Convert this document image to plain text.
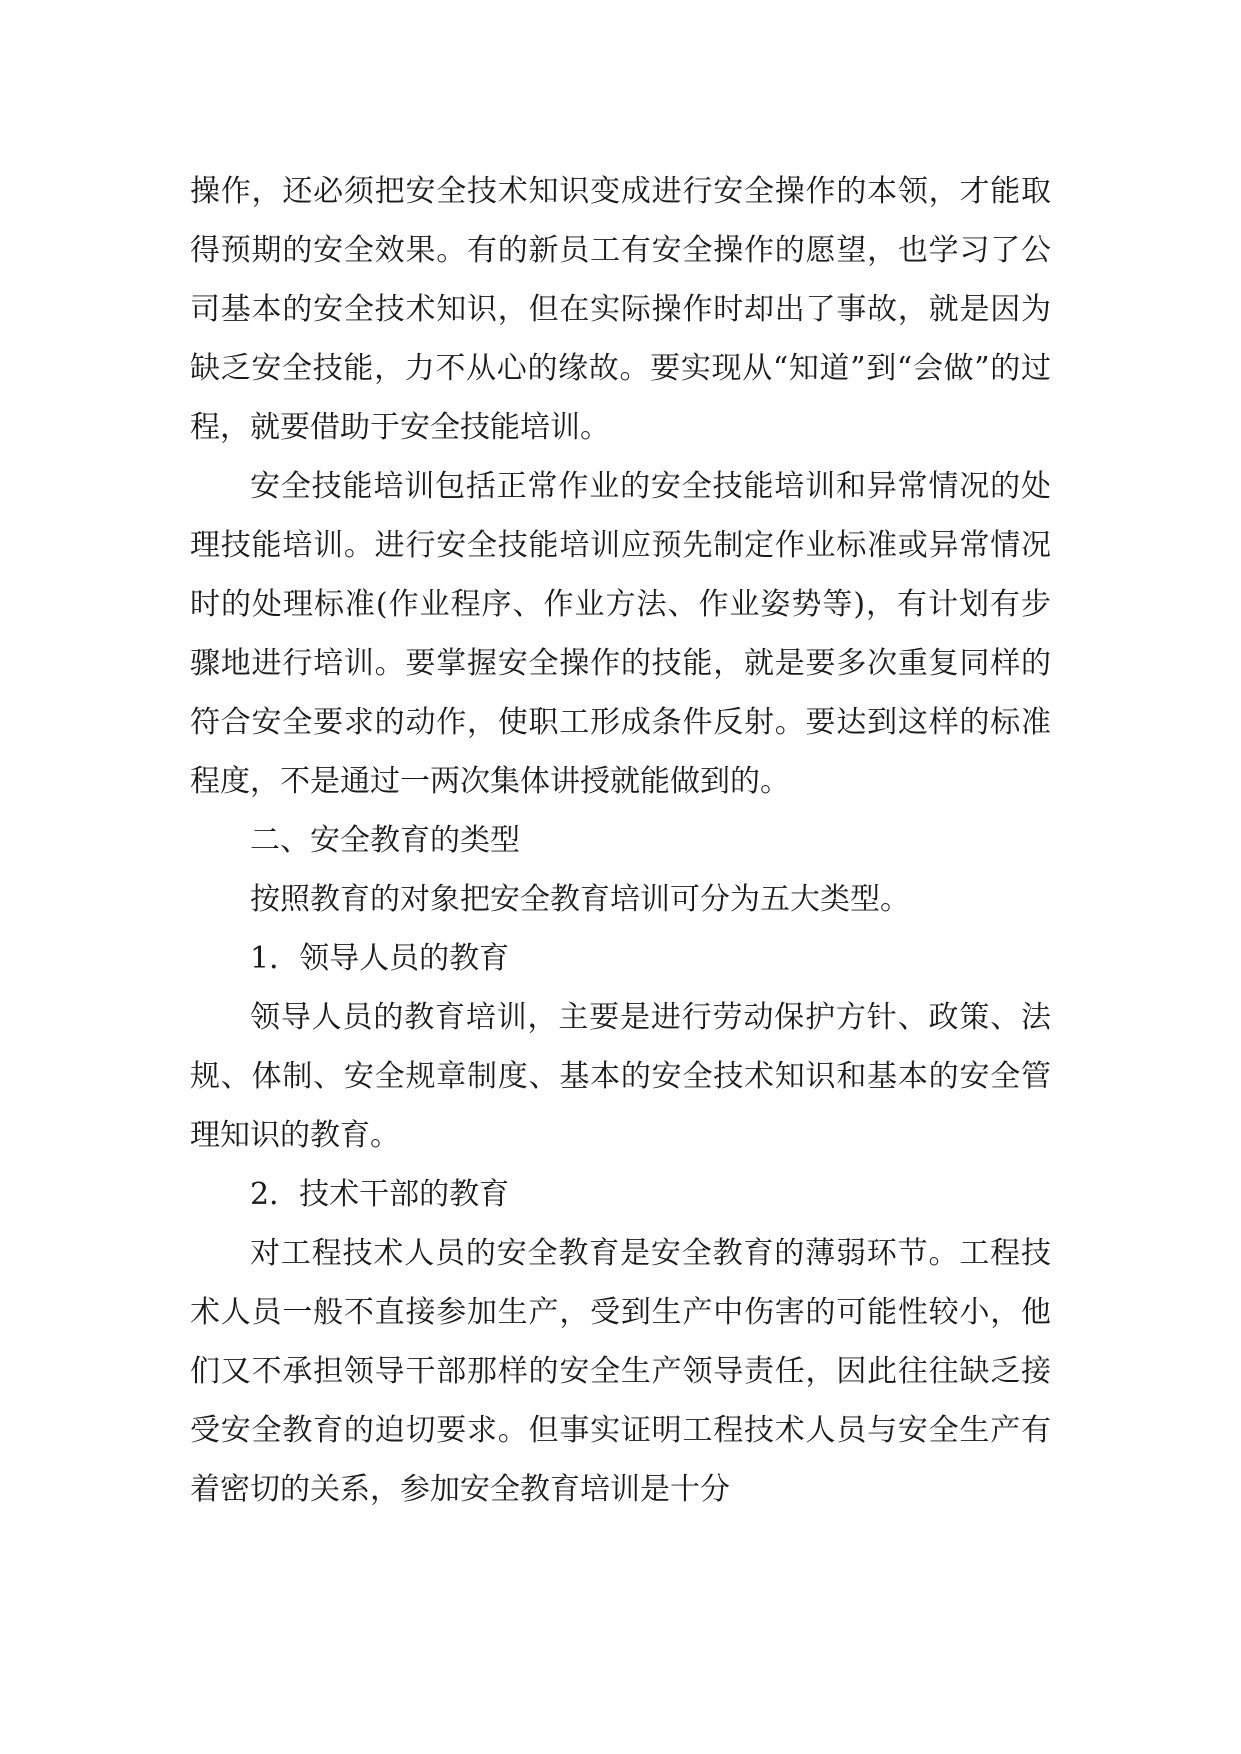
操作，还必须把安全技术知识变成进行安全操作的本领，才能取得预期的安全效果。有的新员工有安全操作的愿望，也学习了公司基本的安全技术知识，但在实际操作时却出了事故，就是因为缺乏安全技能，力不从心的缘故。要实现从“知道”到“会做”的过程，就要借助于安全技能培训。

安全技能培训包括正常作业的安全技能培训和异常情况的处理技能培训。进行安全技能培训应预先制定作业标准或异常情况时的处理标准(作业程序、作业方法、作业姿势等)，有计划有步骤地进行培训。要掌握安全操作的技能，就是要多次重复同样的符合安全要求的动作，使职工形成条件反射。要达到这样的标准程度，不是通过一两次集体讲授就能做到的。

二、安全教育的类型

按照教育的对象把安全教育培训可分为五大类型。

1．领导人员的教育

领导人员的教育培训，主要是进行劳动保护方针、政策、法规、体制、安全规章制度、基本的安全技术知识和基本的安全管理知识的教育。

2．技术干部的教育

对工程技术人员的安全教育是安全教育的薄弱环节。工程技术人员一般不直接参加生产，受到生产中伤害的可能性较小，他们又不承担领导干部那样的安全生产领导责任，因此往往缺乏接受安全教育的迫切要求。但事实证明工程技术人员与安全生产有着密切的关系，参加安全教育培训是十分
